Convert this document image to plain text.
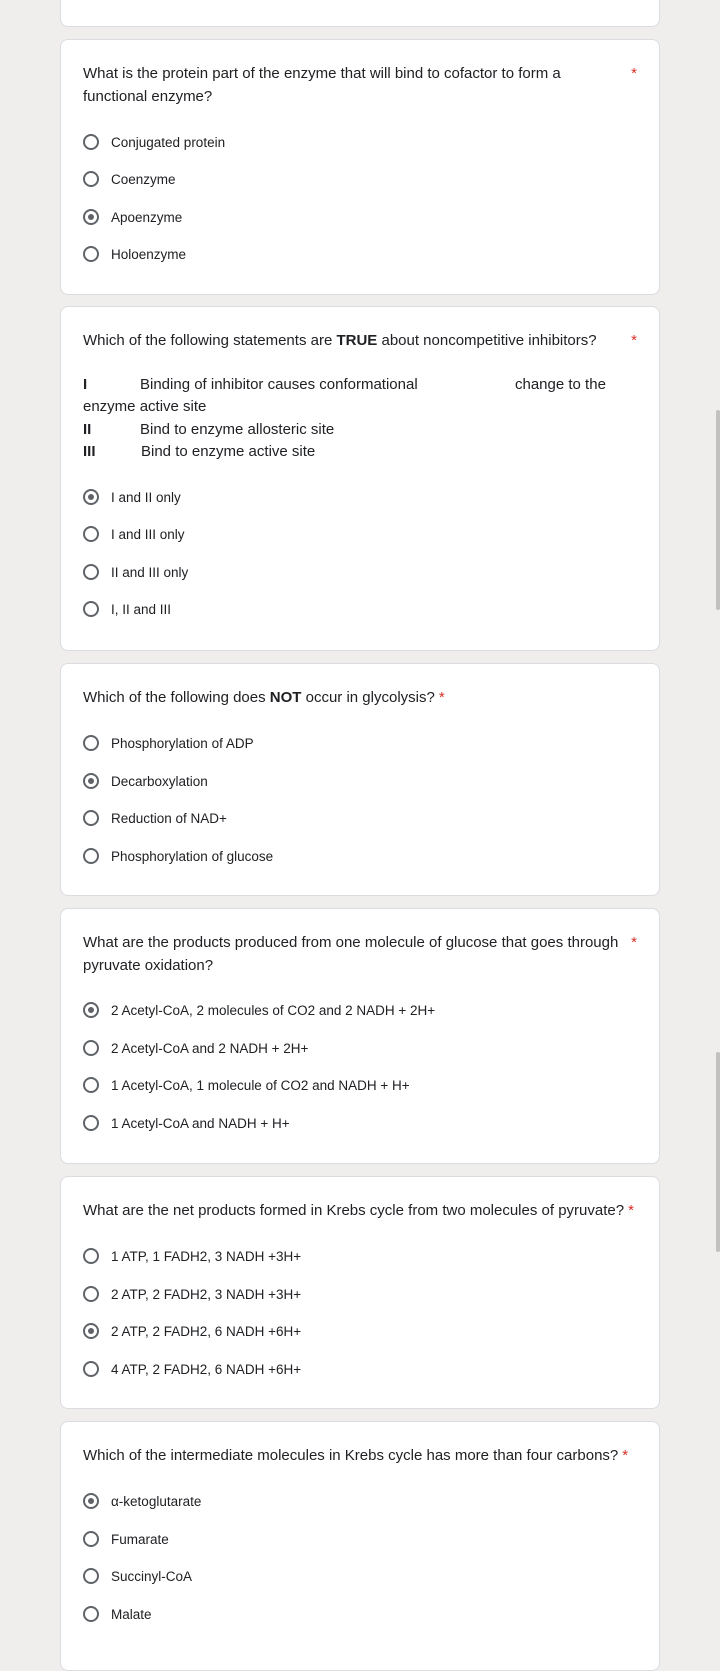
What is the protein part of the enzyme that will bind to cofactor to form a functional enzyme?
*
Conjugated protein
Coenzyme
Apoenzyme
Holoenzyme
Which of the following statements are TRUE about noncompetitive inhibitors?	*
I	Binding of inhibitor causes conformational	change to the
enzyme active site
II	Bind to enzyme allosteric site
III	Bind to enzyme active site
I and II only
I and III only
II and III only
I, II and III
Which of the following does NOT occur in glycolysis? *
Phosphorylation of ADP
Decarboxylation
Reduction of NAD+
Phosphorylation of glucose
What are the products produced from one molecule of glucose that goes through pyruvate oxidation?
*
2 Acetyl-CoA, 2 molecules of CO2 and 2 NADH + 2H+
2 Acetyl-CoA and 2 NADH + 2H+
1 Acetyl-CoA, 1 molecule of CO2 and NADH + H+
1 Acetyl-CoA and NADH + H+
What are the net products formed in Krebs cycle from two molecules of pyruvate? *
1 ATP, 1 FADH2, 3 NADH +3H+
2 ATP, 2 FADH2, 3 NADH +3H+
2 ATP, 2 FADH2, 6 NADH +6H+
4 ATP, 2 FADH2, 6 NADH +6H+
Which of the intermediate molecules in Krebs cycle has more than four carbons? *
α-ketoglutarate
Fumarate
Succinyl-CoA
Malate
